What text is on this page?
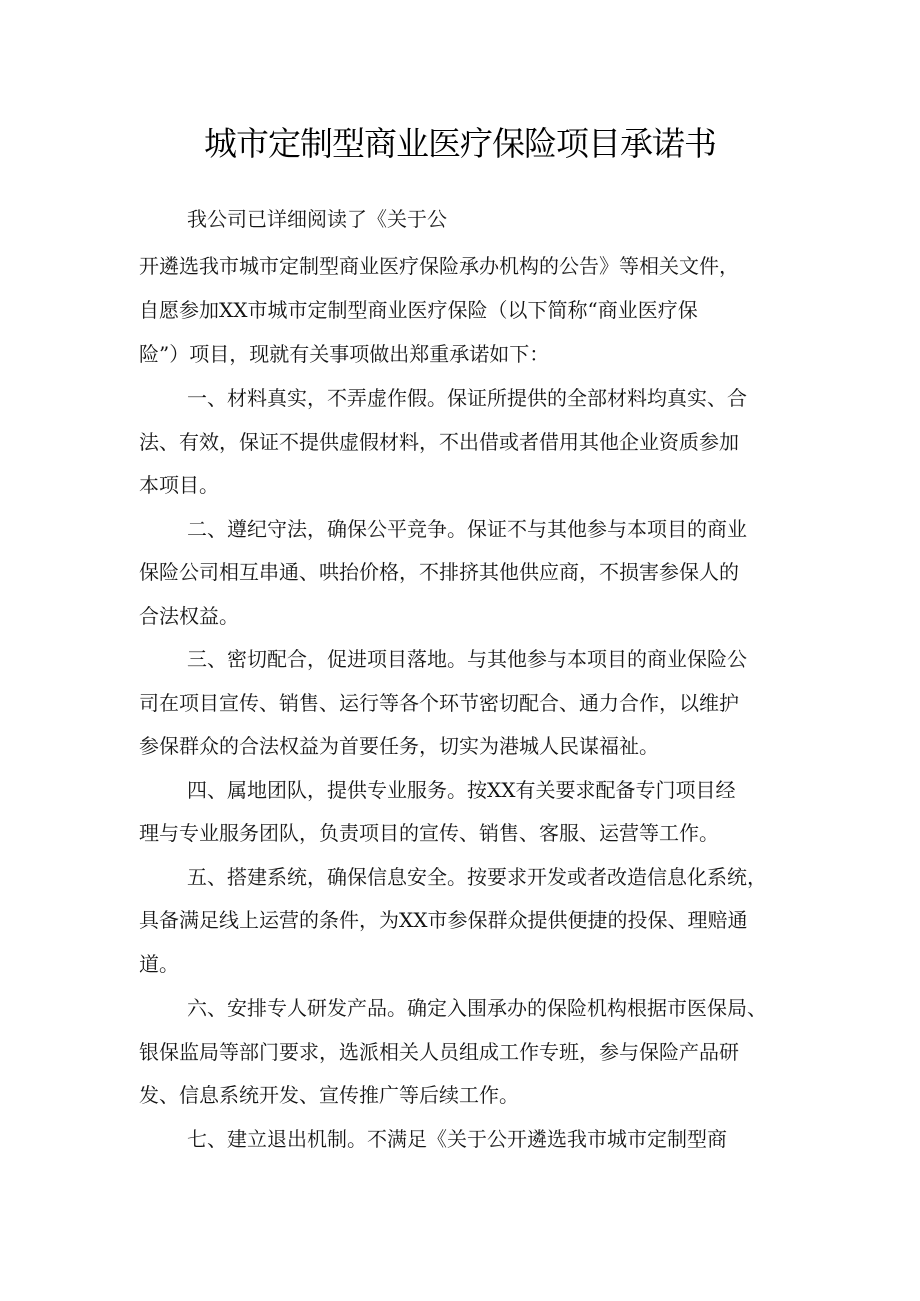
城市定制型商业医疗保险项目承诺书

我公司已详细阅读了《关于公

开遴选我市城市定制型商业医疗保险承办机构的公告》等相关文件，

自愿参加XX市城市定制型商业医疗保险（以下简称“商业医疗保

险”）项目，现就有关事项做出郑重承诺如下：

一、材料真实，不弄虚作假。保证所提供的全部材料均真实、合

法、有效，保证不提供虚假材料，不出借或者借用其他企业资质参加

本项目。

二、遵纪守法，确保公平竞争。保证不与其他参与本项目的商业

保险公司相互串通、哄抬价格，不排挤其他供应商，不损害参保人的

合法权益。

三、密切配合，促进项目落地。与其他参与本项目的商业保险公

司在项目宣传、销售、运行等各个环节密切配合、通力合作，以维护

参保群众的合法权益为首要任务，切实为港城人民谋福祉。

四、属地团队，提供专业服务。按XX有关要求配备专门项目经

理与专业服务团队，负责项目的宣传、销售、客服、运营等工作。

五、搭建系统，确保信息安全。按要求开发或者改造信息化系统，

具备满足线上运营的条件，为XX市参保群众提供便捷的投保、理赔通

道。

六、安排专人研发产品。确定入围承办的保险机构根据市医保局、

银保监局等部门要求，选派相关人员组成工作专班，参与保险产品研

发、信息系统开发、宣传推广等后续工作。

七、建立退出机制。不满足《关于公开遴选我市城市定制型商
